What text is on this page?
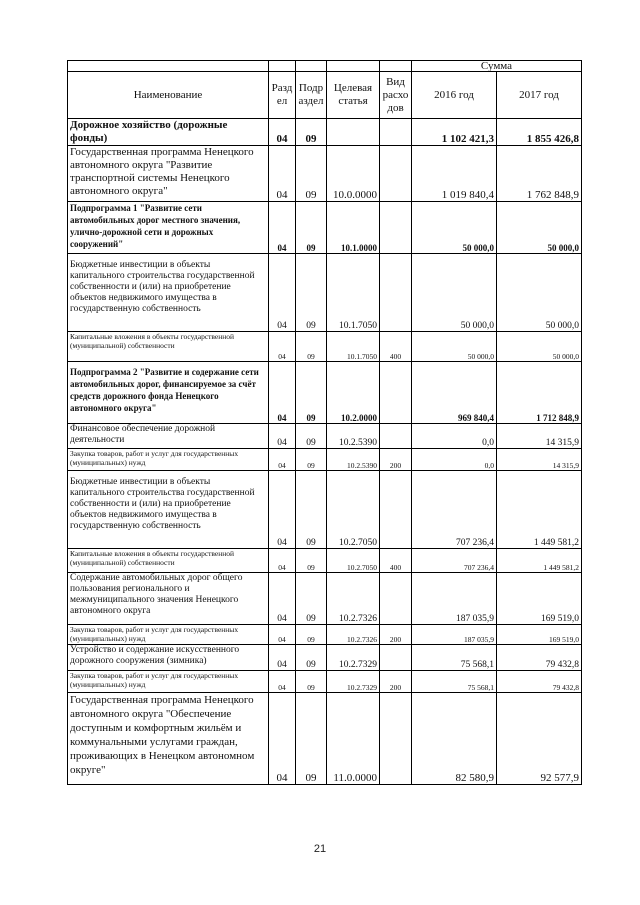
					Сумма	
Наименование	Разд ел	Подр аздел	Целевая статья	Вид расхо дов	2016 год	2017 год
Дорожное хозяйство (дорожные фонды)	04	09			1 102 421,3	1 855 426,8
Государственная программа Ненецкого автономного округа "Развитие транспортной системы Ненецкого автономного округа"	04	09	10.0.0000		1 019 840,4	1 762 848,9
Подпрограмма 1 "Развитие сети автомобильных дорог местного значения, улично-дорожной сети и дорожных сооружений"	04	09	10.1.0000		50 000,0	50 000,0
Бюджетные инвестиции в объекты капитального строительства государственной собственности и (или) на приобретение объектов недвижимого имущества в государственную собственность	04	09	10.1.7050		50 000,0	50 000,0
Капитальные вложения в объекты государственной (муниципальной) собственности	04	09	10.1.7050	400	50 000,0	50 000,0
Подпрограмма 2 "Развитие и содержание сети автомобильных дорог, финансируемое за счёт средств дорожного фонда Ненецкого автономного округа"	04	09	10.2.0000		969 840,4	1 712 848,9
Финансовое обеспечение дорожной деятельности	04	09	10.2.5390		0,0	14 315,9
Закупка товаров, работ и услуг для государственных (муниципальных) нужд	04	09	10.2.5390	200	0,0	14 315,9
Бюджетные инвестиции в объекты капитального строительства государственной собственности и (или) на приобретение объектов недвижимого имущества в государственную собственность	04	09	10.2.7050		707 236,4	1 449 581,2
Капитальные вложения в объекты государственной (муниципальной) собственности	04	09	10.2.7050	400	707 236,4	1 449 581,2
Содержание автомобильных дорог общего пользования регионального и межмуниципального значения Ненецкого автономного округа	04	09	10.2.7326		187 035,9	169 519,0
Закупка товаров, работ и услуг для государственных (муниципальных) нужд	04	09	10.2.7326	200	187 035,9	169 519,0
Устройство и содержание искусственного дорожного сооружения (зимника)	04	09	10.2.7329		75 568,1	79 432,8
Закупка товаров, работ и услуг для государственных (муниципальных) нужд	04	09	10.2.7329	200	75 568,1	79 432,8
Государственная программа Ненецкого автономного округа "Обеспечение доступным и комфортным жильём и коммунальными услугами граждан, проживающих в Ненецком автономном округе"	04	09	11.0.0000		82 580,9	92 577,9
21
